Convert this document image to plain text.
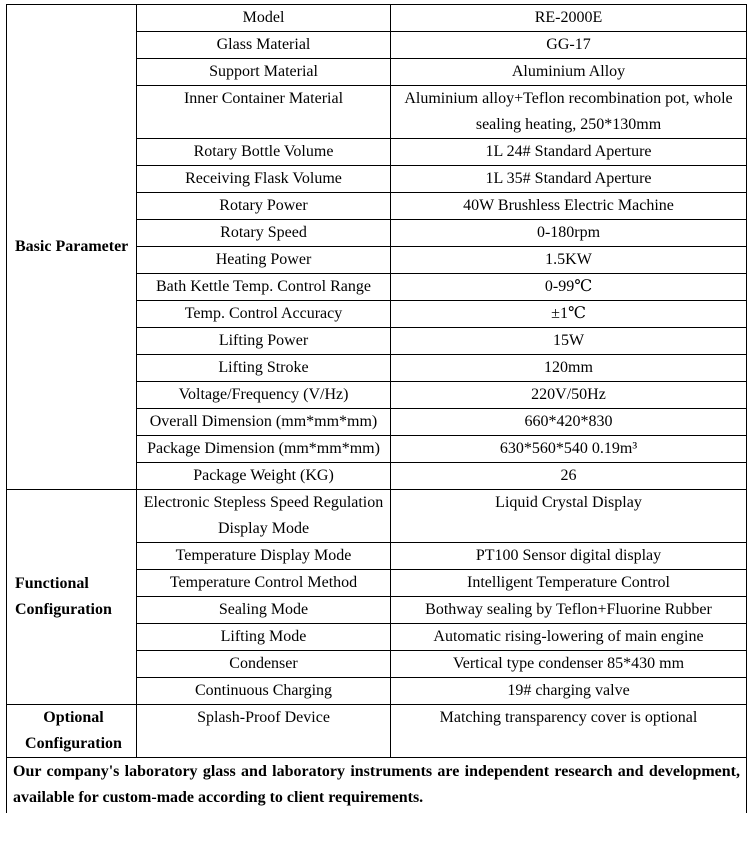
Basic Parameter	Model	RE-2000E
	Glass Material	GG-17
	Support Material	Aluminium Alloy
	Inner Container Material	Aluminium alloy+Teflon recombination pot, whole sealing heating, 250*130mm
	Rotary Bottle Volume	1L 24# Standard Aperture
	Receiving Flask Volume	1L 35# Standard Aperture
	Rotary Power	40W Brushless Electric Machine
	Rotary Speed	0-180rpm
	Heating Power	1.5KW
	Bath Kettle Temp. Control Range	0-99℃
	Temp. Control Accuracy	±1℃
	Lifting Power	15W
	Lifting Stroke	120mm
	Voltage/Frequency (V/Hz)	220V/50Hz
	Overall Dimension (mm*mm*mm)	660*420*830
	Package Dimension (mm*mm*mm)	630*560*540 0.19m³
	Package Weight (KG)	26
Functional Configuration	Electronic Stepless Speed Regulation Display Mode	Liquid Crystal Display
	Temperature Display Mode	PT100 Sensor digital display
	Temperature Control Method	Intelligent Temperature Control
	Sealing Mode	Bothway sealing by Teflon+Fluorine Rubber
	Lifting Mode	Automatic rising-lowering of main engine
	Condenser	Vertical type condenser 85*430 mm
	Continuous Charging	19# charging valve
Optional Configuration	Splash-Proof Device	Matching transparency cover is optional
Our company's laboratory glass and laboratory instruments are independent research and development, available for custom-made according to client requirements.		
